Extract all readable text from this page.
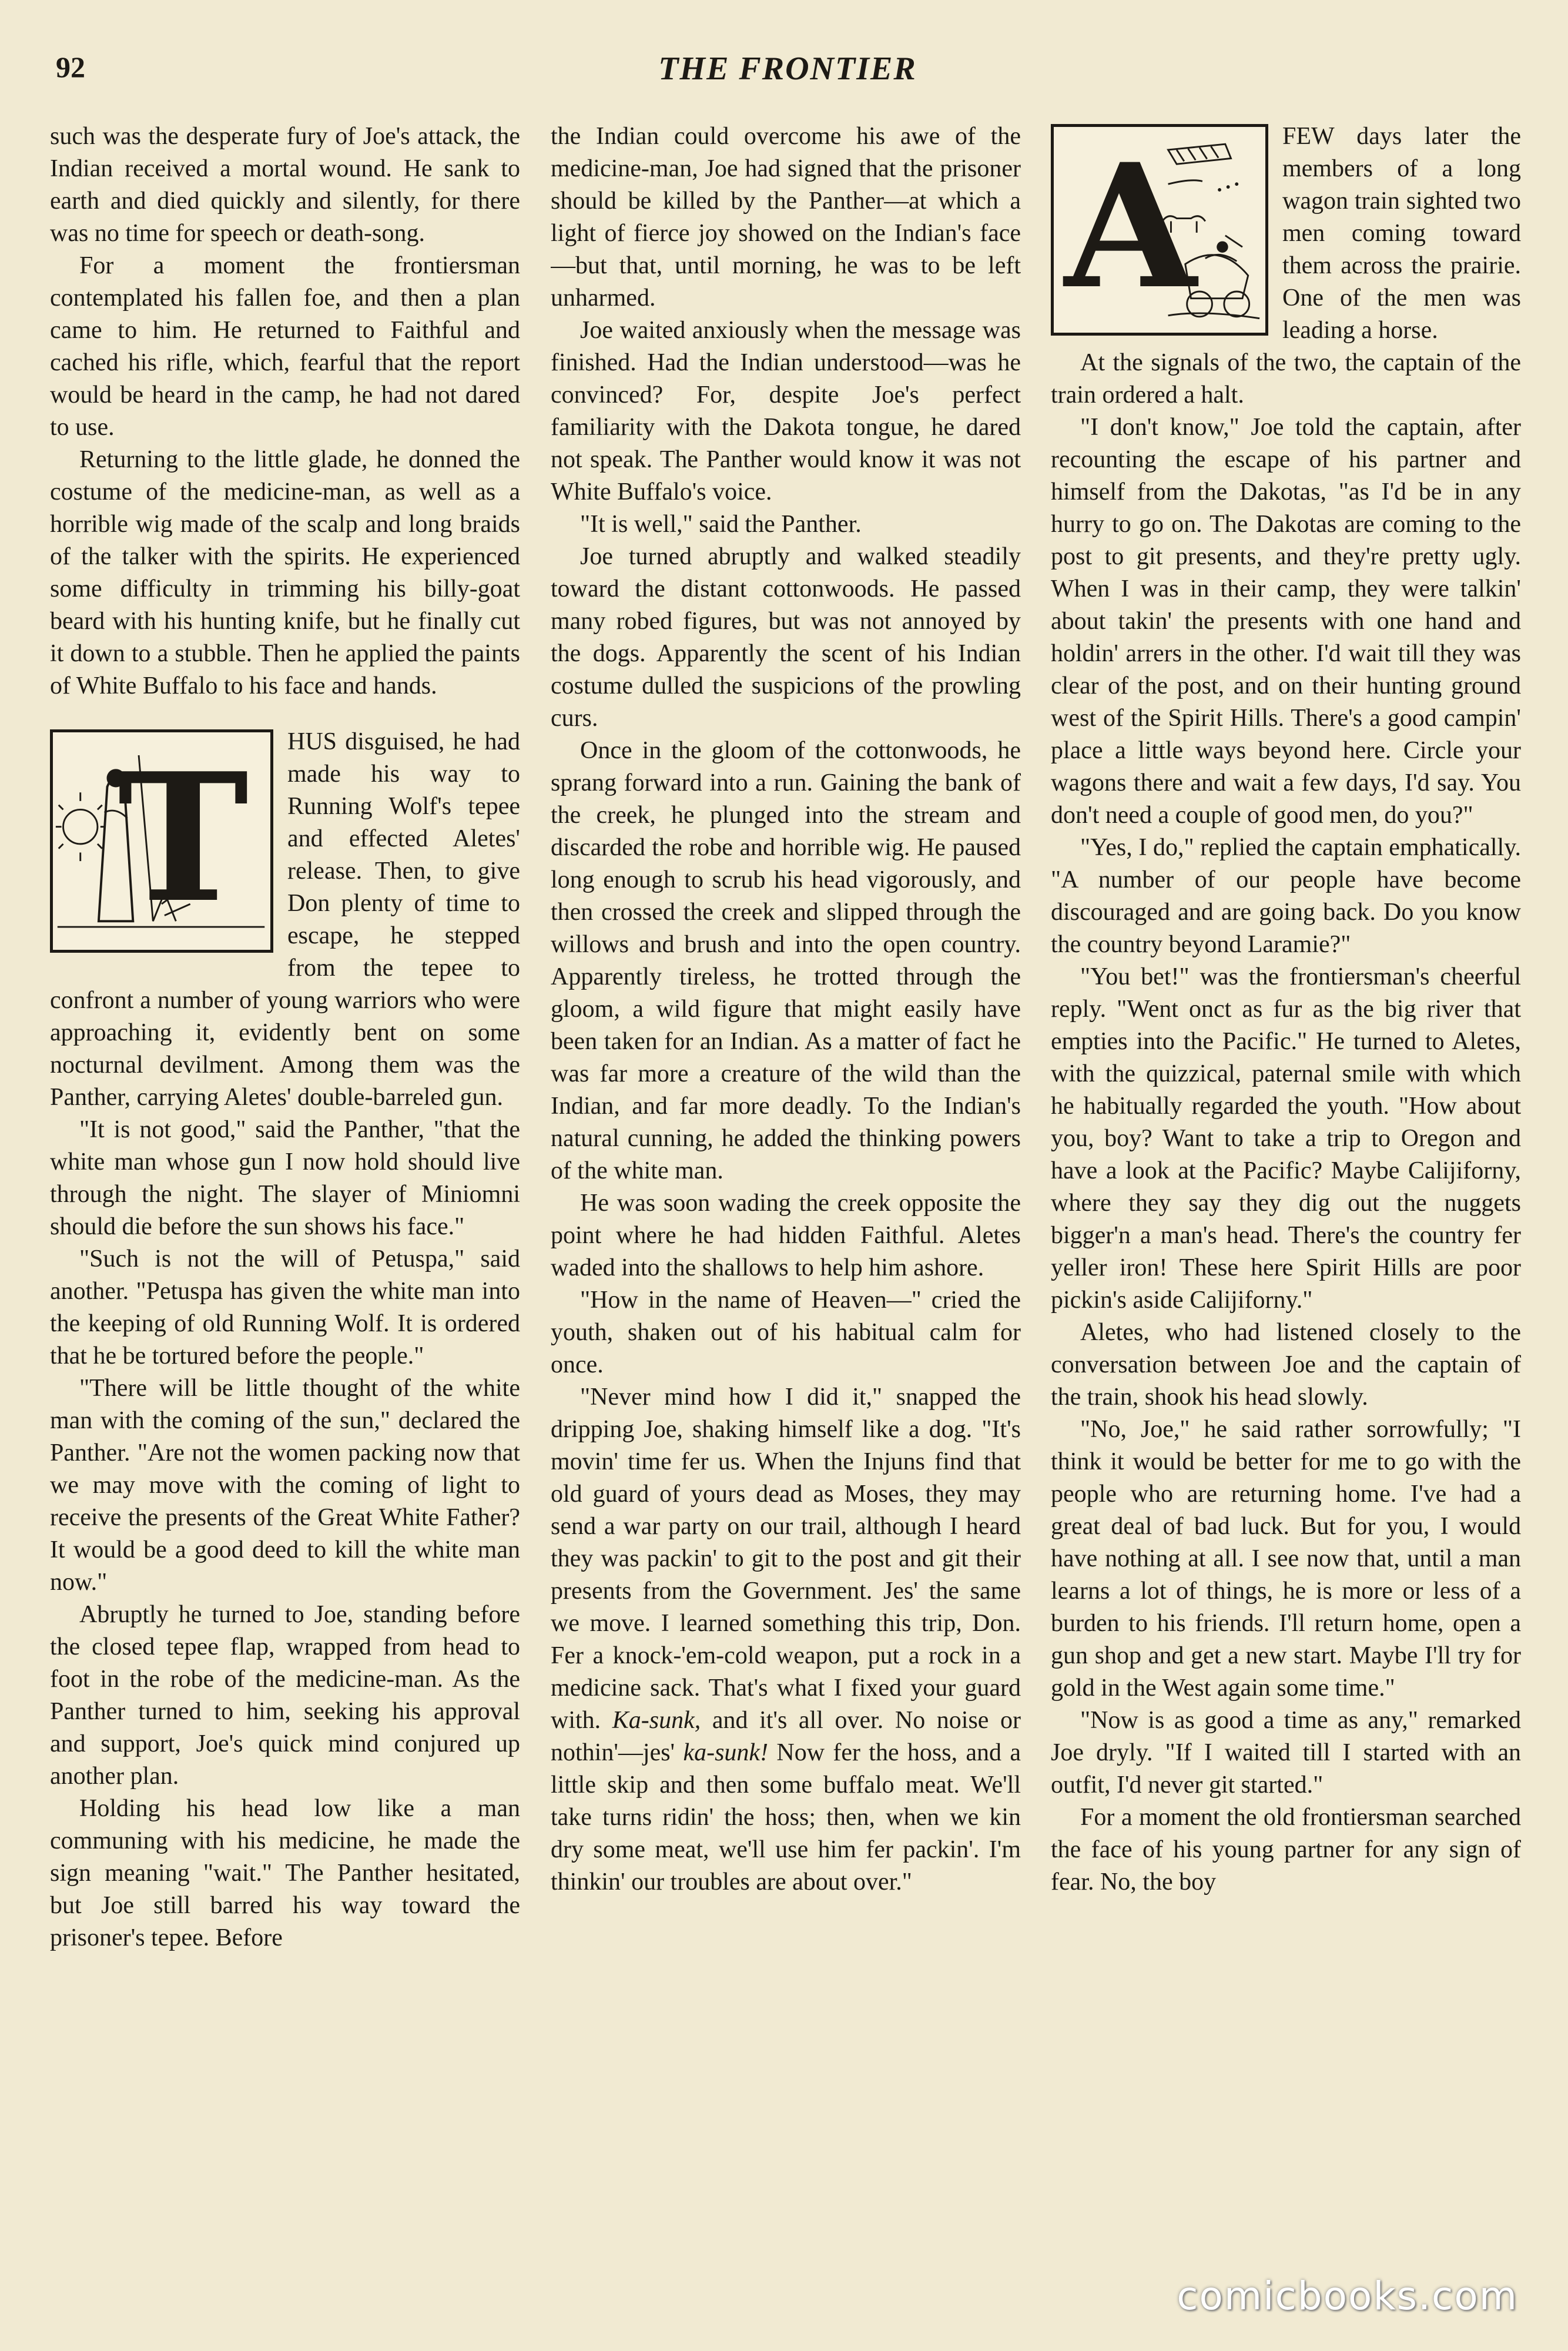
92	THE FRONTIER

such was the desperate fury of Joe's attack, the Indian received a mortal wound. He sank to earth and died quickly and silently, for there was no time for speech or death-song.

For a moment the frontiersman contemplated his fallen foe, and then a plan came to him. He returned to Faithful and cached his rifle, which, fearful that the report would be heard in the camp, he had not dared to use.

Returning to the little glade, he donned the costume of the medicine-man, as well as a horrible wig made of the scalp and long braids of the talker with the spirits. He experienced some difficulty in trimming his billy-goat beard with his hunting knife, but he finally cut it down to a stubble. Then he applied the paints of White Buffalo to his face and hands.

T HUS disguised, he had made his way to Running Wolf's tepee and effected Aletes' release. Then, to give Don plenty of time to escape, he stepped from the tepee to confront a number of young warriors who were approaching it, evidently bent on some nocturnal devilment. Among them was the Panther, carrying Aletes' double-barreled gun.

"It is not good," said the Panther, "that the white man whose gun I now hold should live through the night. The slayer of Miniomni should die before the sun shows his face."

"Such is not the will of Petuspa," said another. "Petuspa has given the white man into the keeping of old Running Wolf. It is ordered that he be tortured before the people."

"There will be little thought of the white man with the coming of the sun," declared the Panther. "Are not the women packing now that we may move with the coming of light to receive the presents of the Great White Father? It would be a good deed to kill the white man now."

Abruptly he turned to Joe, standing before the closed tepee flap, wrapped from head to foot in the robe of the medicine-man. As the Panther turned to him, seeking his approval and support, Joe's quick mind conjured up another plan.

Holding his head low like a man communing with his medicine, he made the sign meaning "wait." The Panther hesitated, but Joe still barred his way toward the prisoner's tepee. Before

the Indian could overcome his awe of the medicine-man, Joe had signed that the prisoner should be killed by the Panther—at which a light of fierce joy showed on the Indian's face—but that, until morning, he was to be left unharmed.

Joe waited anxiously when the message was finished. Had the Indian understood—was he convinced? For, despite Joe's perfect familiarity with the Dakota tongue, he dared not speak. The Panther would know it was not White Buffalo's voice.

"It is well," said the Panther.

Joe turned abruptly and walked steadily toward the distant cottonwoods. He passed many robed figures, but was not annoyed by the dogs. Apparently the scent of his Indian costume dulled the suspicions of the prowling curs.

Once in the gloom of the cottonwoods, he sprang forward into a run. Gaining the bank of the creek, he plunged into the stream and discarded the robe and horrible wig. He paused long enough to scrub his head vigorously, and then crossed the creek and slipped through the willows and brush and into the open country. Apparently tireless, he trotted through the gloom, a wild figure that might easily have been taken for an Indian. As a matter of fact he was far more a creature of the wild than the Indian, and far more deadly. To the Indian's natural cunning, he added the thinking powers of the white man.

He was soon wading the creek opposite the point where he had hidden Faithful. Aletes waded into the shallows to help him ashore.

"How in the name of Heaven—" cried the youth, shaken out of his habitual calm for once.

"Never mind how I did it," snapped the dripping Joe, shaking himself like a dog. "It's movin' time fer us. When the Injuns find that old guard of yours dead as Moses, they may send a war party on our trail, although I heard they was packin' to git to the post and git their presents from the Government. Jes' the same we move. I learned something this trip, Don. Fer a knock-'em-cold weapon, put a rock in a medicine sack. That's what I fixed your guard with. Ka-sunk, and it's all over. No noise or nothin'—jes' ka-sunk! Now fer the hoss, and a little skip and then some buffalo meat. We'll take turns ridin' the hoss; then, when we kin dry some meat, we'll use him fer packin'. I'm thinkin' our troubles are about over."

A	FEW days later the members of a long wagon train sighted two men coming toward them across the prairie. One of the men was leading a horse.

At the signals of the two, the captain of the train ordered a halt.

"I don't know," Joe told the captain, after recounting the escape of his partner and himself from the Dakotas, "as I'd be in any hurry to go on. The Dakotas are coming to the post to git presents, and they're pretty ugly. When I was in their camp, they were talkin' about takin' the presents with one hand and holdin' arrers in the other. I'd wait till they was clear of the post, and on their hunting ground west of the Spirit Hills. There's a good campin' place a little ways beyond here. Circle your wagons there and wait a few days, I'd say. You don't need a couple of good men, do you?"

"Yes, I do," replied the captain emphatically. "A number of our people have become discouraged and are going back. Do you know the country beyond Laramie?"

"You bet!" was the frontiersman's cheerful reply. "Went onct as fur as the big river that empties into the Pacific." He turned to Aletes, with the quizzical, paternal smile with which he habitually regarded the youth. "How about you, boy? Want to take a trip to Oregon and have a look at the Pacific? Maybe Calijiforny, where they say they dig out the nuggets bigger'n a man's head. There's the country fer yeller iron! These here Spirit Hills are poor pickin's aside Calijiforny."

Aletes, who had listened closely to the conversation between Joe and the captain of the train, shook his head slowly.

"No, Joe," he said rather sorrowfully; "I think it would be better for me to go with the people who are returning home. I've had a great deal of bad luck. But for you, I would have nothing at all. I see now that, until a man learns a lot of things, he is more or less of a burden to his friends. I'll return home, open a gun shop and get a new start. Maybe I'll try for gold in the West again some time."

"Now is as good a time as any," remarked Joe dryly. "If I waited till I started with an outfit, I'd never git started."

For a moment the old frontiersman searched the face of his young partner for any sign of fear. No, the boy

comicbooks.com
